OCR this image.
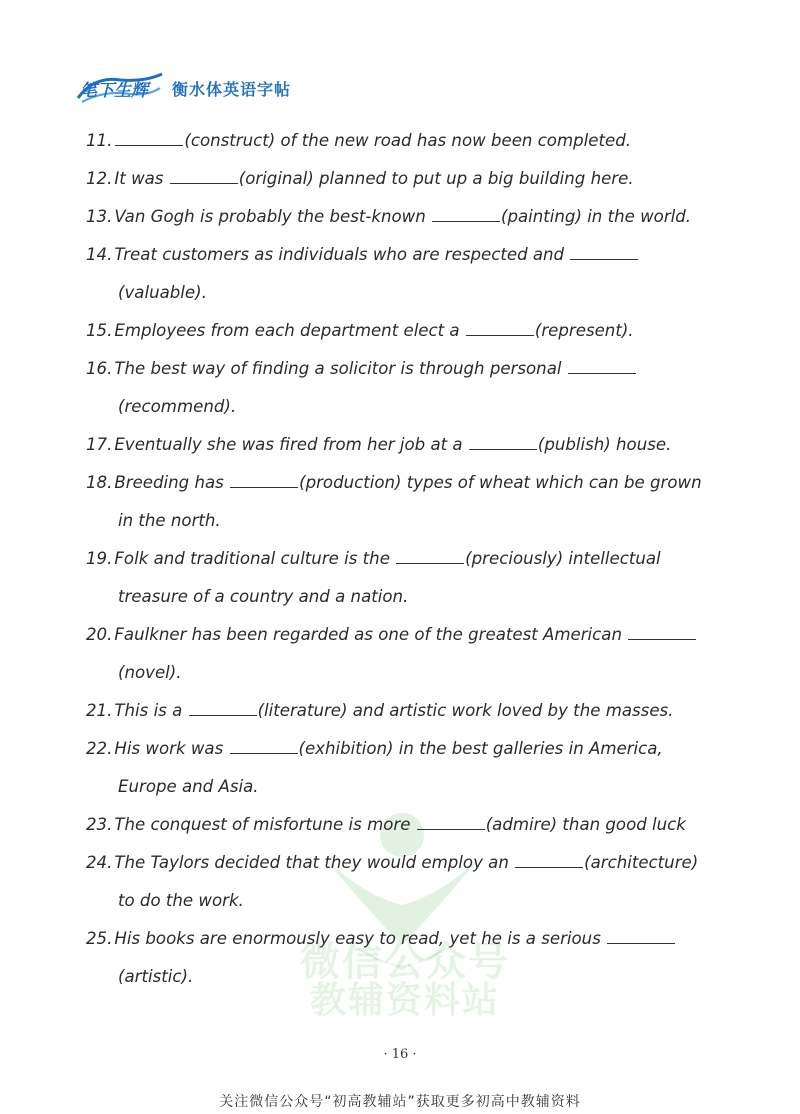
笔下生辉 衡水体英语字帖
微信公众号
教辅资料站
11.	(construct) of the new road has now been completed.
12. It was	(original) planned to put up a big building here.
13. Van Gogh is probably the best-known	(painting) in the world.
14. Treat customers as individuals who are respected and
(valuable).
15. Employees from each department elect a	(represent).
16. The best way of finding a solicitor is through personal
(recommend).
17. Eventually she was fired from her job at a	(publish) house.
18. Breeding has	(production) types of wheat which can be grown
in the north.
19. Folk and traditional culture is the	(preciously) intellectual
treasure of a country and a nation.
20. Faulkner has been regarded as one of the greatest American
(novel).
21. This is a	(literature) and artistic work loved by the masses.
22. His work was	(exhibition) in the best galleries in America,
Europe and Asia.
23. The conquest of misfortune is more	(admire) than good luck
24. The Taylors decided that they would employ an	(architecture)
to do the work.
25. His books are enormously easy to read, yet he is a serious
(artistic).
· 16 ·
关注微信公众号“初高教辅站”获取更多初高中教辅资料
